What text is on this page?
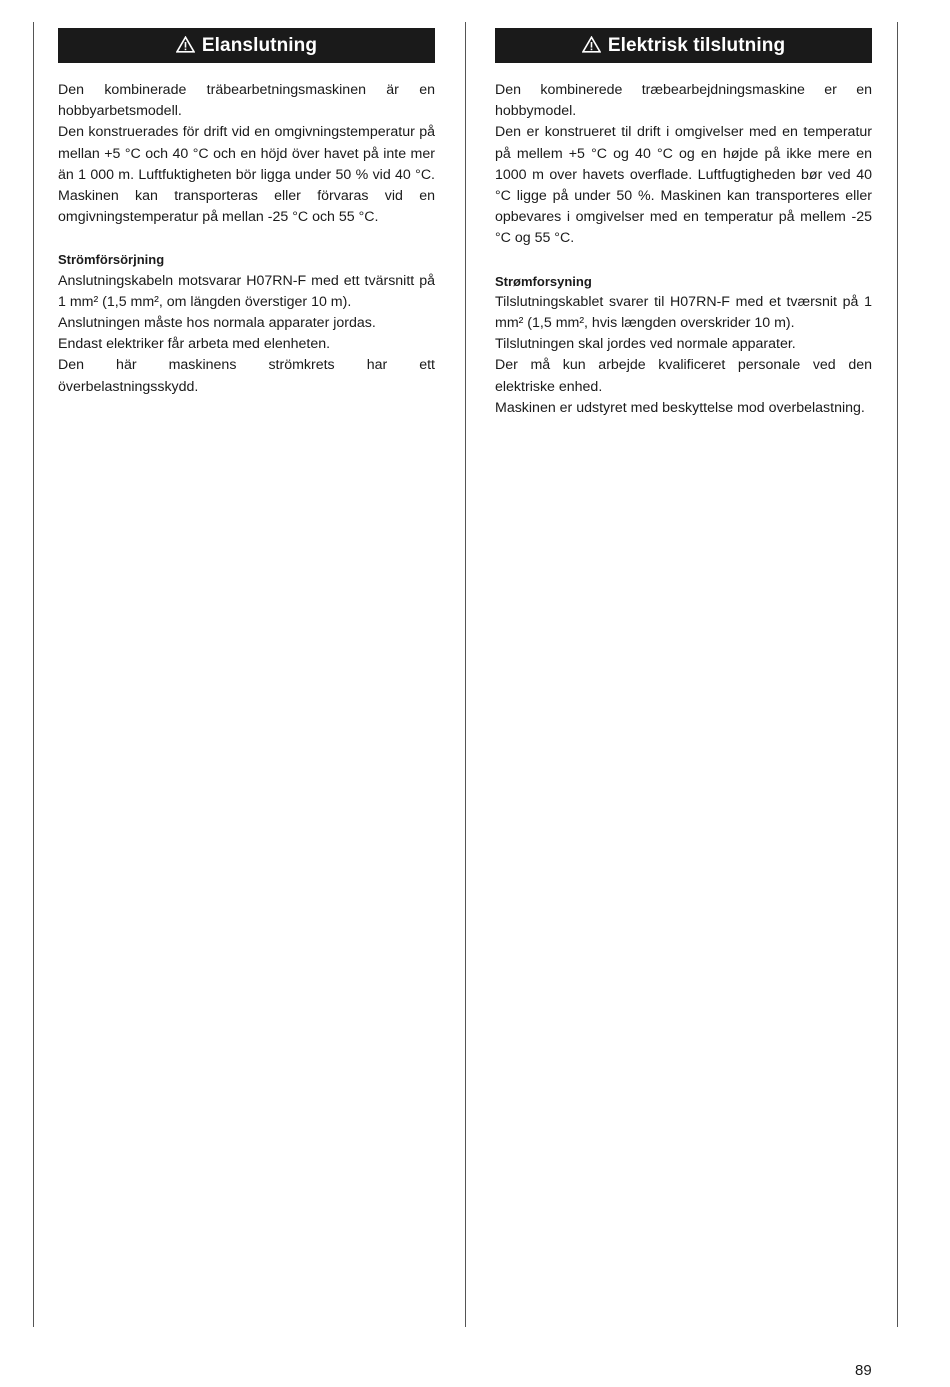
Elanslutning

Den kombinerade träbearbetningsmaskinen är en

hobbyarbetsmodell.

Den konstruerades för drift vid en omgivningstemperatur på mellan +5 °C och 40 °C och en höjd över havet på inte mer än 1 000 m. Luftfuktigheten bör ligga under 50 % vid 40 °C. Maskinen kan transporteras eller förvaras vid en omgivningstemperatur på mellan -25 °C och 55 °C.

Strömförsörjning

Anslutningskabeln motsvarar H07RN-F med ett tvärsnitt på 1 mm² (1,5 mm², om längden överstiger 10 m).

Anslutningen måste hos normala apparater jordas.

Endast elektriker får arbeta med elenheten.

Den här maskinens strömkrets har ett

överbelastningsskydd.

Elektrisk tilslutning

Den kombinerede træbearbejdningsmaskine er en

hobbymodel.

Den er konstrueret til drift i omgivelser med en temperatur på mellem +5 °C og 40 °C og en højde på ikke mere en 1000 m over havets overflade. Luftfugtigheden bør ved 40 °C ligge på under 50 %. Maskinen kan transporteres eller opbevares i omgivelser med en temperatur på mellem -25 °C og 55 °C.

Strømforsyning

Tilslutningskablet svarer til H07RN-F med et tværsnit på 1 mm² (1,5 mm², hvis længden overskrider 10 m).

Tilslutningen skal jordes ved normale apparater.

Der må kun arbejde kvalificeret personale ved den

elektriske enhed.

Maskinen er udstyret med beskyttelse mod overbelastning.

89
